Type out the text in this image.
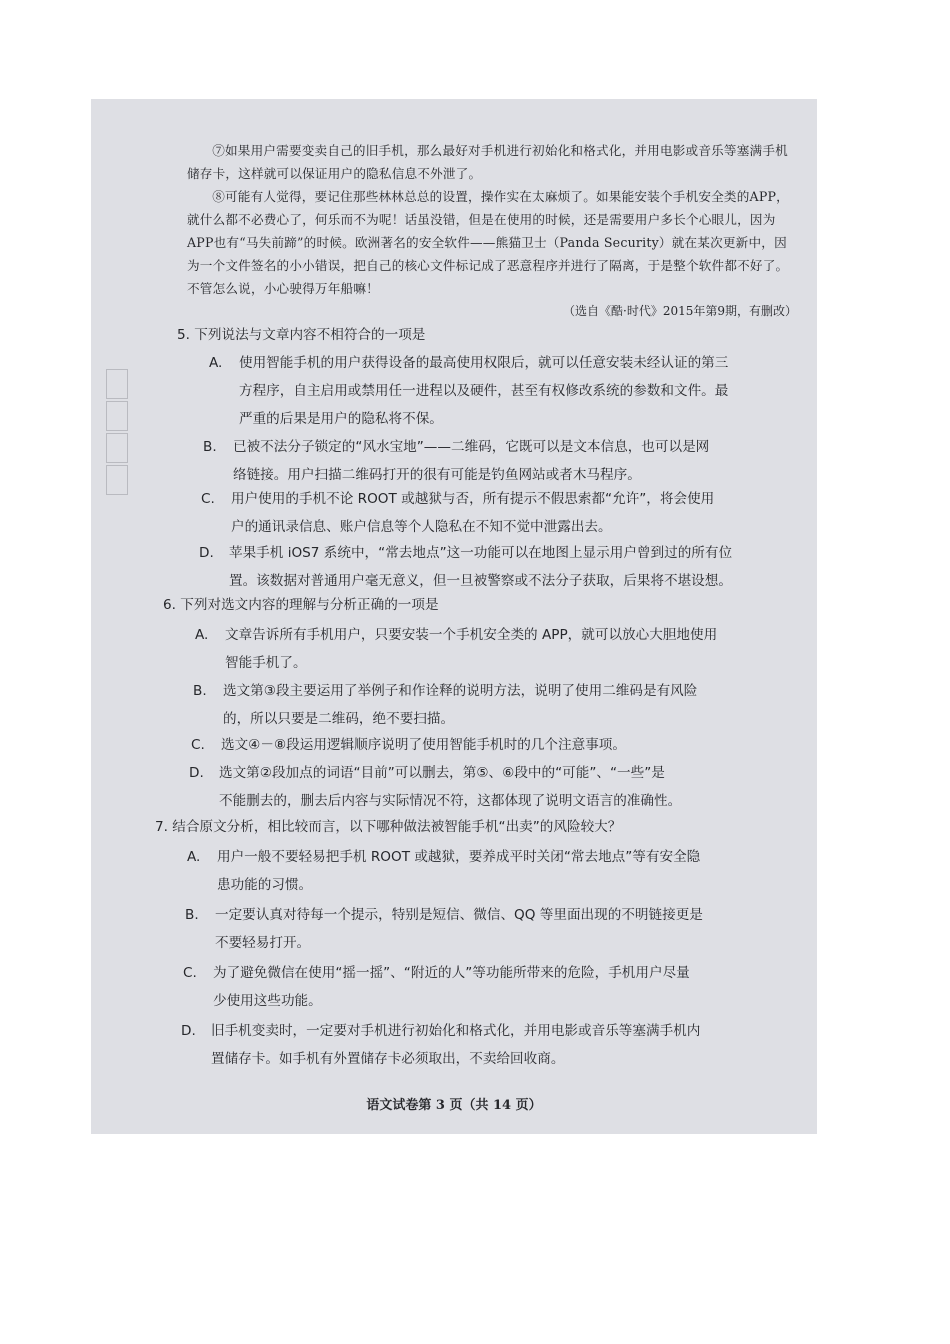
⑦如果用户需要变卖自己的旧手机，那么最好对手机进行初始化和格式化，并用电影或音乐等塞满手机储存卡，这样就可以保证用户的隐私信息不外泄了。

⑧可能有人觉得，要记住那些林林总总的设置，操作实在太麻烦了。如果能安装个手机安全类的APP，就什么都不必费心了，何乐而不为呢！话虽没错，但是在使用的时候，还是需要用户多长个心眼儿，因为APP也有“马失前蹄”的时候。欧洲著名的安全软件——熊猫卫士（Panda Security）就在某次更新中，因为一个文件签名的小小错误，把自己的核心文件标记成了恶意程序并进行了隔离，于是整个软件都不好了。不管怎么说，小心驶得万年船嘛！

（选自《酷·时代》2015年第9期，有删改）
5. 下列说法与文章内容不相符合的一项是
A. 使用智能手机的用户获得设备的最高使用权限后，就可以任意安装未经认证的第三
方程序，自主启用或禁用任一进程以及硬件，甚至有权修改系统的参数和文件。最
严重的后果是用户的隐私将不保。
B. 已被不法分子锁定的“风水宝地”——二维码，它既可以是文本信息，也可以是网
络链接。用户扫描二维码打开的很有可能是钓鱼网站或者木马程序。
C. 用户使用的手机不论 ROOT 或越狱与否，所有提示不假思索都“允许”，将会使用
户的通讯录信息、账户信息等个人隐私在不知不觉中泄露出去。
D. 苹果手机 iOS7 系统中，“常去地点”这一功能可以在地图上显示用户曾到过的所有位
置。该数据对普通用户毫无意义，但一旦被警察或不法分子获取，后果将不堪设想。
6. 下列对选文内容的理解与分析正确的一项是
A. 文章告诉所有手机用户，只要安装一个手机安全类的 APP，就可以放心大胆地使用
智能手机了。
B. 选文第③段主要运用了举例子和作诠释的说明方法，说明了使用二维码是有风险
的，所以只要是二维码，绝不要扫描。
C. 选文④－⑧段运用逻辑顺序说明了使用智能手机时的几个注意事项。
D. 选文第②段加点的词语“目前”可以删去，第⑤、⑥段中的“可能”、“一些”是
不能删去的，删去后内容与实际情况不符，这都体现了说明文语言的准确性。
7. 结合原文分析，相比较而言，以下哪种做法被智能手机“出卖”的风险较大？
A. 用户一般不要轻易把手机 ROOT 或越狱，要养成平时关闭“常去地点”等有安全隐
患功能的习惯。
B. 一定要认真对待每一个提示，特别是短信、微信、QQ 等里面出现的不明链接更是
不要轻易打开。
C. 为了避免微信在使用“摇一摇”、“附近的人”等功能所带来的危险，手机用户尽量
少使用这些功能。
D. 旧手机变卖时，一定要对手机进行初始化和格式化，并用电影或音乐等塞满手机内
置储存卡。如手机有外置储存卡必须取出，不卖给回收商。
语文试卷第 3 页（共 14 页）
